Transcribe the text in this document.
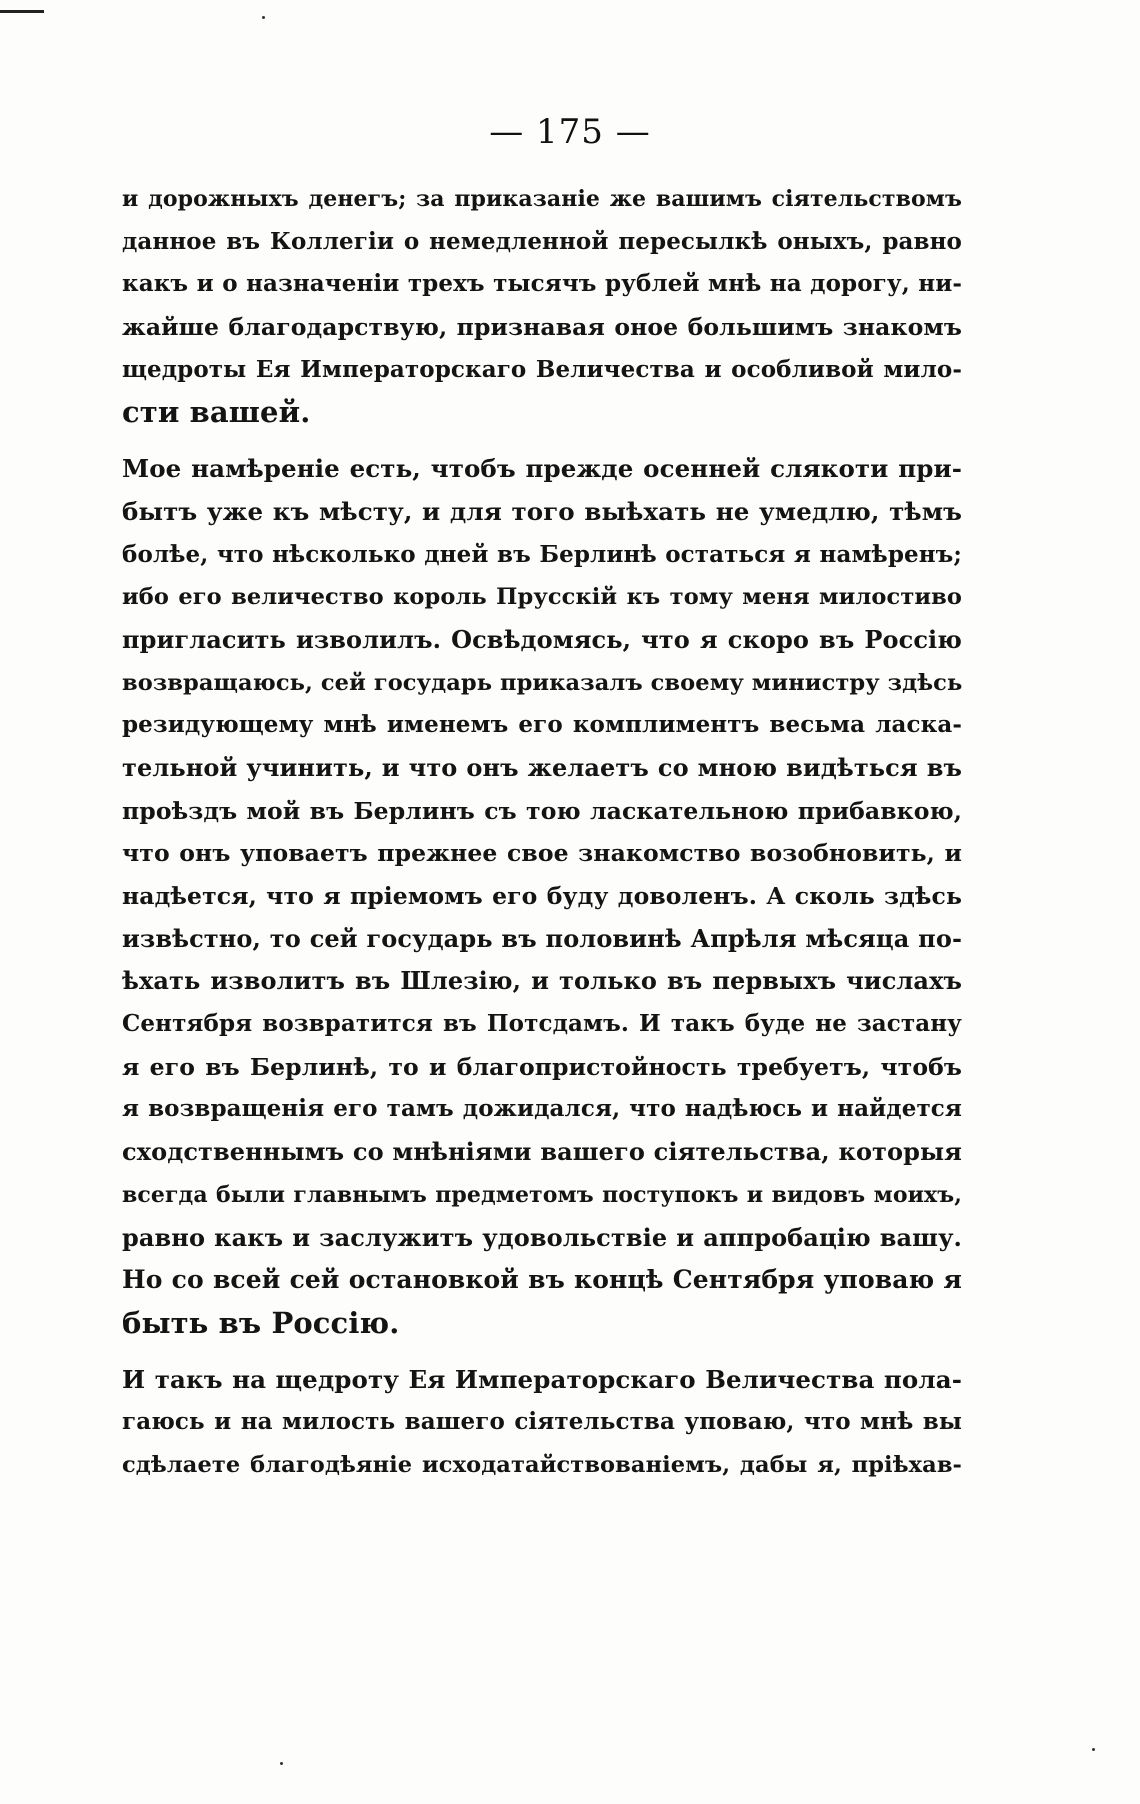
— 175 —
и дорожныхъ денегъ; за приказанiе же вашимъ сiятельствомъ
данное въ Коллегiи о немедленной пересылкѣ оныхъ, равно
какъ и о назначенiи трехъ тысячъ рублей мнѣ на дорогу, ни-
жайше благодарствую, признавая оное большимъ знакомъ
щедроты Ея Императорскаго Величества и особливой мило-
сти вашей.
Мое намѣренiе есть, чтобъ прежде осенней слякоти при-
бытъ уже къ мѣсту, и для того выѣхать не умедлю, тѣмъ
болѣе, что нѣсколько дней въ Берлинѣ остаться я намѣренъ;
ибо его величество король Прусскiй къ тому меня милостиво
пригласить изволилъ. Освѣдомясь, что я скоро въ Россiю
возвращаюсь, сей государь приказалъ своему министру здѣсь
резидующему мнѣ именемъ его комплиментъ весьма ласка-
тельной учинить, и что онъ желаетъ со мною видѣться въ
проѣздъ мой въ Берлинъ съ тою ласкательною прибавкою,
что онъ уповаетъ прежнее свое знакомство возобновить, и
надѣется, что я прiемомъ его буду доволенъ. А сколь здѣсь
извѣстно, то сей государь въ половинѣ Апрѣля мѣсяца по-
ѣхать изволитъ въ Шлезiю, и только въ первыхъ числахъ
Сентября возвратится въ Потсдамъ. И такъ буде не застану
я его въ Берлинѣ, то и благопристойность требуетъ, чтобъ
я возвращенiя его тамъ дожидался, что надѣюсь и найдется
сходственнымъ со мнѣнiями вашего сiятельства, которыя
всегда были главнымъ предметомъ поступокъ и видовъ моихъ,
равно какъ и заслужитъ удовольствiе и аппробацiю вашу.
Но со всей сей остановкой въ концѣ Сентября уповаю я
быть въ Россiю.
И такъ на щедроту Ея Императорскаго Величества пола-
гаюсь и на милость вашего сiятельства уповаю, что мнѣ вы
сдѣлаете благодѣянiе исходатайствованiемъ, дабы я, прiѣхав-
